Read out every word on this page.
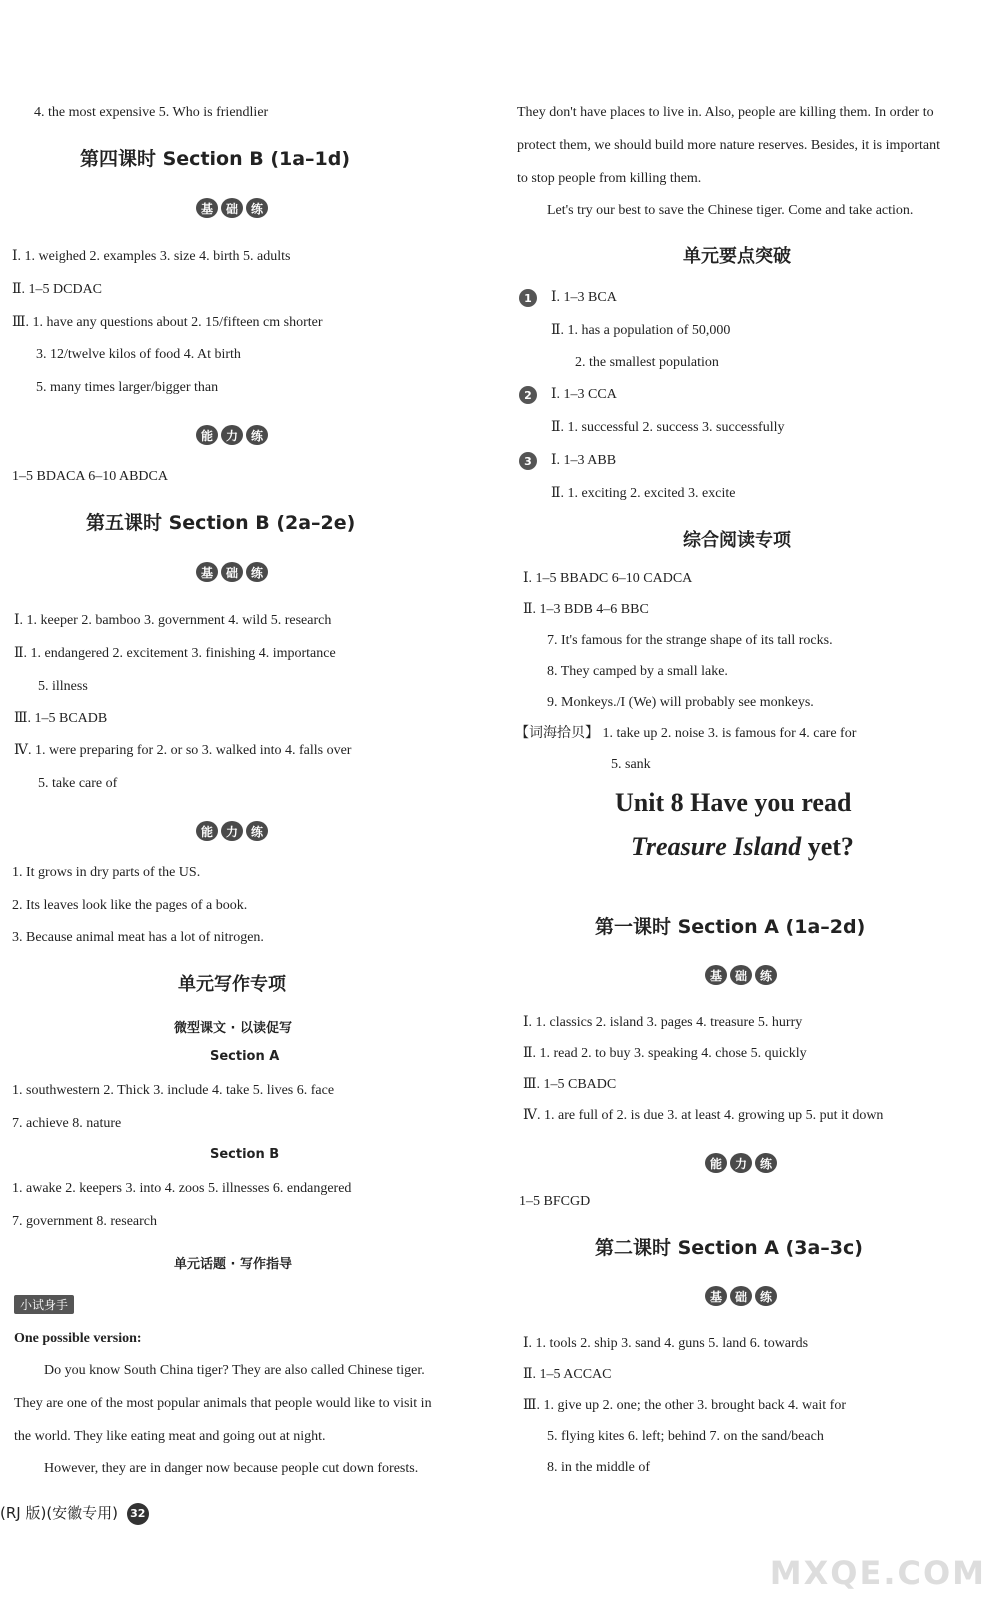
4. the most expensive 5. Who is friendlier
第四课时 Section B (1a–1d)
基	础	练
Ⅰ. 1. weighed 2. examples 3. size 4. birth 5. adults
Ⅱ. 1–5 DCDAC
Ⅲ. 1. have any questions about 2. 15/fifteen cm shorter
3. 12/twelve kilos of food 4. At birth
5. many times larger/bigger than
能	力	练
1–5 BDACA 6–10 ABDCA
第五课时 Section B (2a–2e)
基	础	练
Ⅰ. 1. keeper 2. bamboo 3. government 4. wild 5. research
Ⅱ. 1. endangered 2. excitement 3. finishing 4. importance
5. illness
Ⅲ. 1–5 BCADB
Ⅳ. 1. were preparing for 2. or so 3. walked into 4. falls over
5. take care of
能	力	练
1. It grows in dry parts of the US.
2. Its leaves look like the pages of a book.
3. Because animal meat has a lot of nitrogen.
单元写作专项
微型课文 · 以读促写
Section A
1. southwestern 2. Thick 3. include 4. take 5. lives 6. face
7. achieve 8. nature
Section B
1. awake 2. keepers 3. into 4. zoos 5. illnesses 6. endangered
7. government 8. research
单元话题 · 写作指导
小试身手
One possible version:
Do you know South China tiger? They are also called Chinese tiger.
They are one of the most popular animals that people would like to visit in
the world. They like eating meat and going out at night.
However, they are in danger now because people cut down forests.
(RJ 版)(安徽专用) 32
They don't have places to live in. Also, people are killing them. In order to
protect them, we should build more nature reserves. Besides, it is important
to stop people from killing them.
Let's try our best to save the Chinese tiger. Come and take action.
单元要点突破
1	Ⅰ. 1–3 BCA
Ⅱ. 1. has a population of 50,000
2. the smallest population
2	Ⅰ. 1–3 CCA
Ⅱ. 1. successful 2. success 3. successfully
3	Ⅰ. 1–3 ABB
Ⅱ. 1. exciting 2. excited 3. excite
综合阅读专项
Ⅰ. 1–5 BBADC 6–10 CADCA
Ⅱ. 1–3 BDB 4–6 BBC
7. It's famous for the strange shape of its tall rocks.
8. They camped by a small lake.
9. Monkeys./I (We) will probably see monkeys.
【词海拾贝】 1. take up 2. noise 3. is famous for 4. care for
5. sank
Unit 8 Have you read
Treasure Island yet?
第一课时 Section A (1a–2d)
基	础	练
Ⅰ. 1. classics 2. island 3. pages 4. treasure 5. hurry
Ⅱ. 1. read 2. to buy 3. speaking 4. chose 5. quickly
Ⅲ. 1–5 CBADC
Ⅳ. 1. are full of 2. is due 3. at least 4. growing up 5. put it down
能	力	练
1–5 BFCGD
第二课时 Section A (3a–3c)
基	础	练
Ⅰ. 1. tools 2. ship 3. sand 4. guns 5. land 6. towards
Ⅱ. 1–5 ACCAC
Ⅲ. 1. give up 2. one; the other 3. brought back 4. wait for
5. flying kites 6. left; behind 7. on the sand/beach
8. in the middle of
MXQE.COM
